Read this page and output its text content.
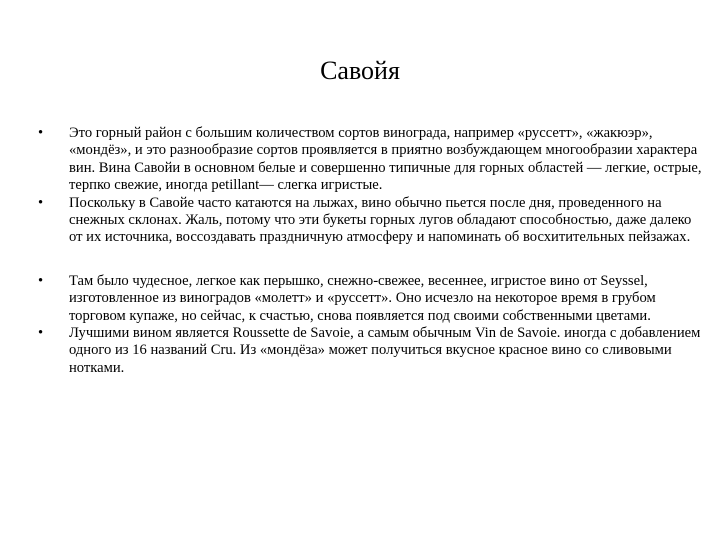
Савойя
•	Это горный район с большим количеством сортов винограда, например «руссетт», «жакюэр», «мондёз», и это разнообразие сортов проявляется в приятно возбуждающем многообразии характера вин. Вина Савойи в основном белые и совершенно типичные для горных областей — легкие, острые, терпко свежие, иногда petillant— слегка игристые.
•	Поскольку в Савойе часто катаются на лыжах, вино обычно пьется после дня, проведенного на снежных склонах. Жаль, потому что эти букеты горных лугов обладают способностью, даже далеко от их источника, воссоздавать праздничную атмосферу и напоминать об восхитительных пейзажах.
•	Там было чудесное, легкое как перышко, снежно-свежее, весеннее, игристое вино от Seyssel, изготовленное из виноградов «молетт» и «руссетт». Оно исчезло на некоторое время в грубом торговом купаже, но сейчас, к счастью, снова появляется под своими собственными цветами.
•	Лучшими вином является Roussette de Savoie, а самым обычным Vin de Savoie. иногда с добавлением одного из 16 названий Cru. Из «мондёза» может получиться вкусное красное вино со сливовыми нотками.
